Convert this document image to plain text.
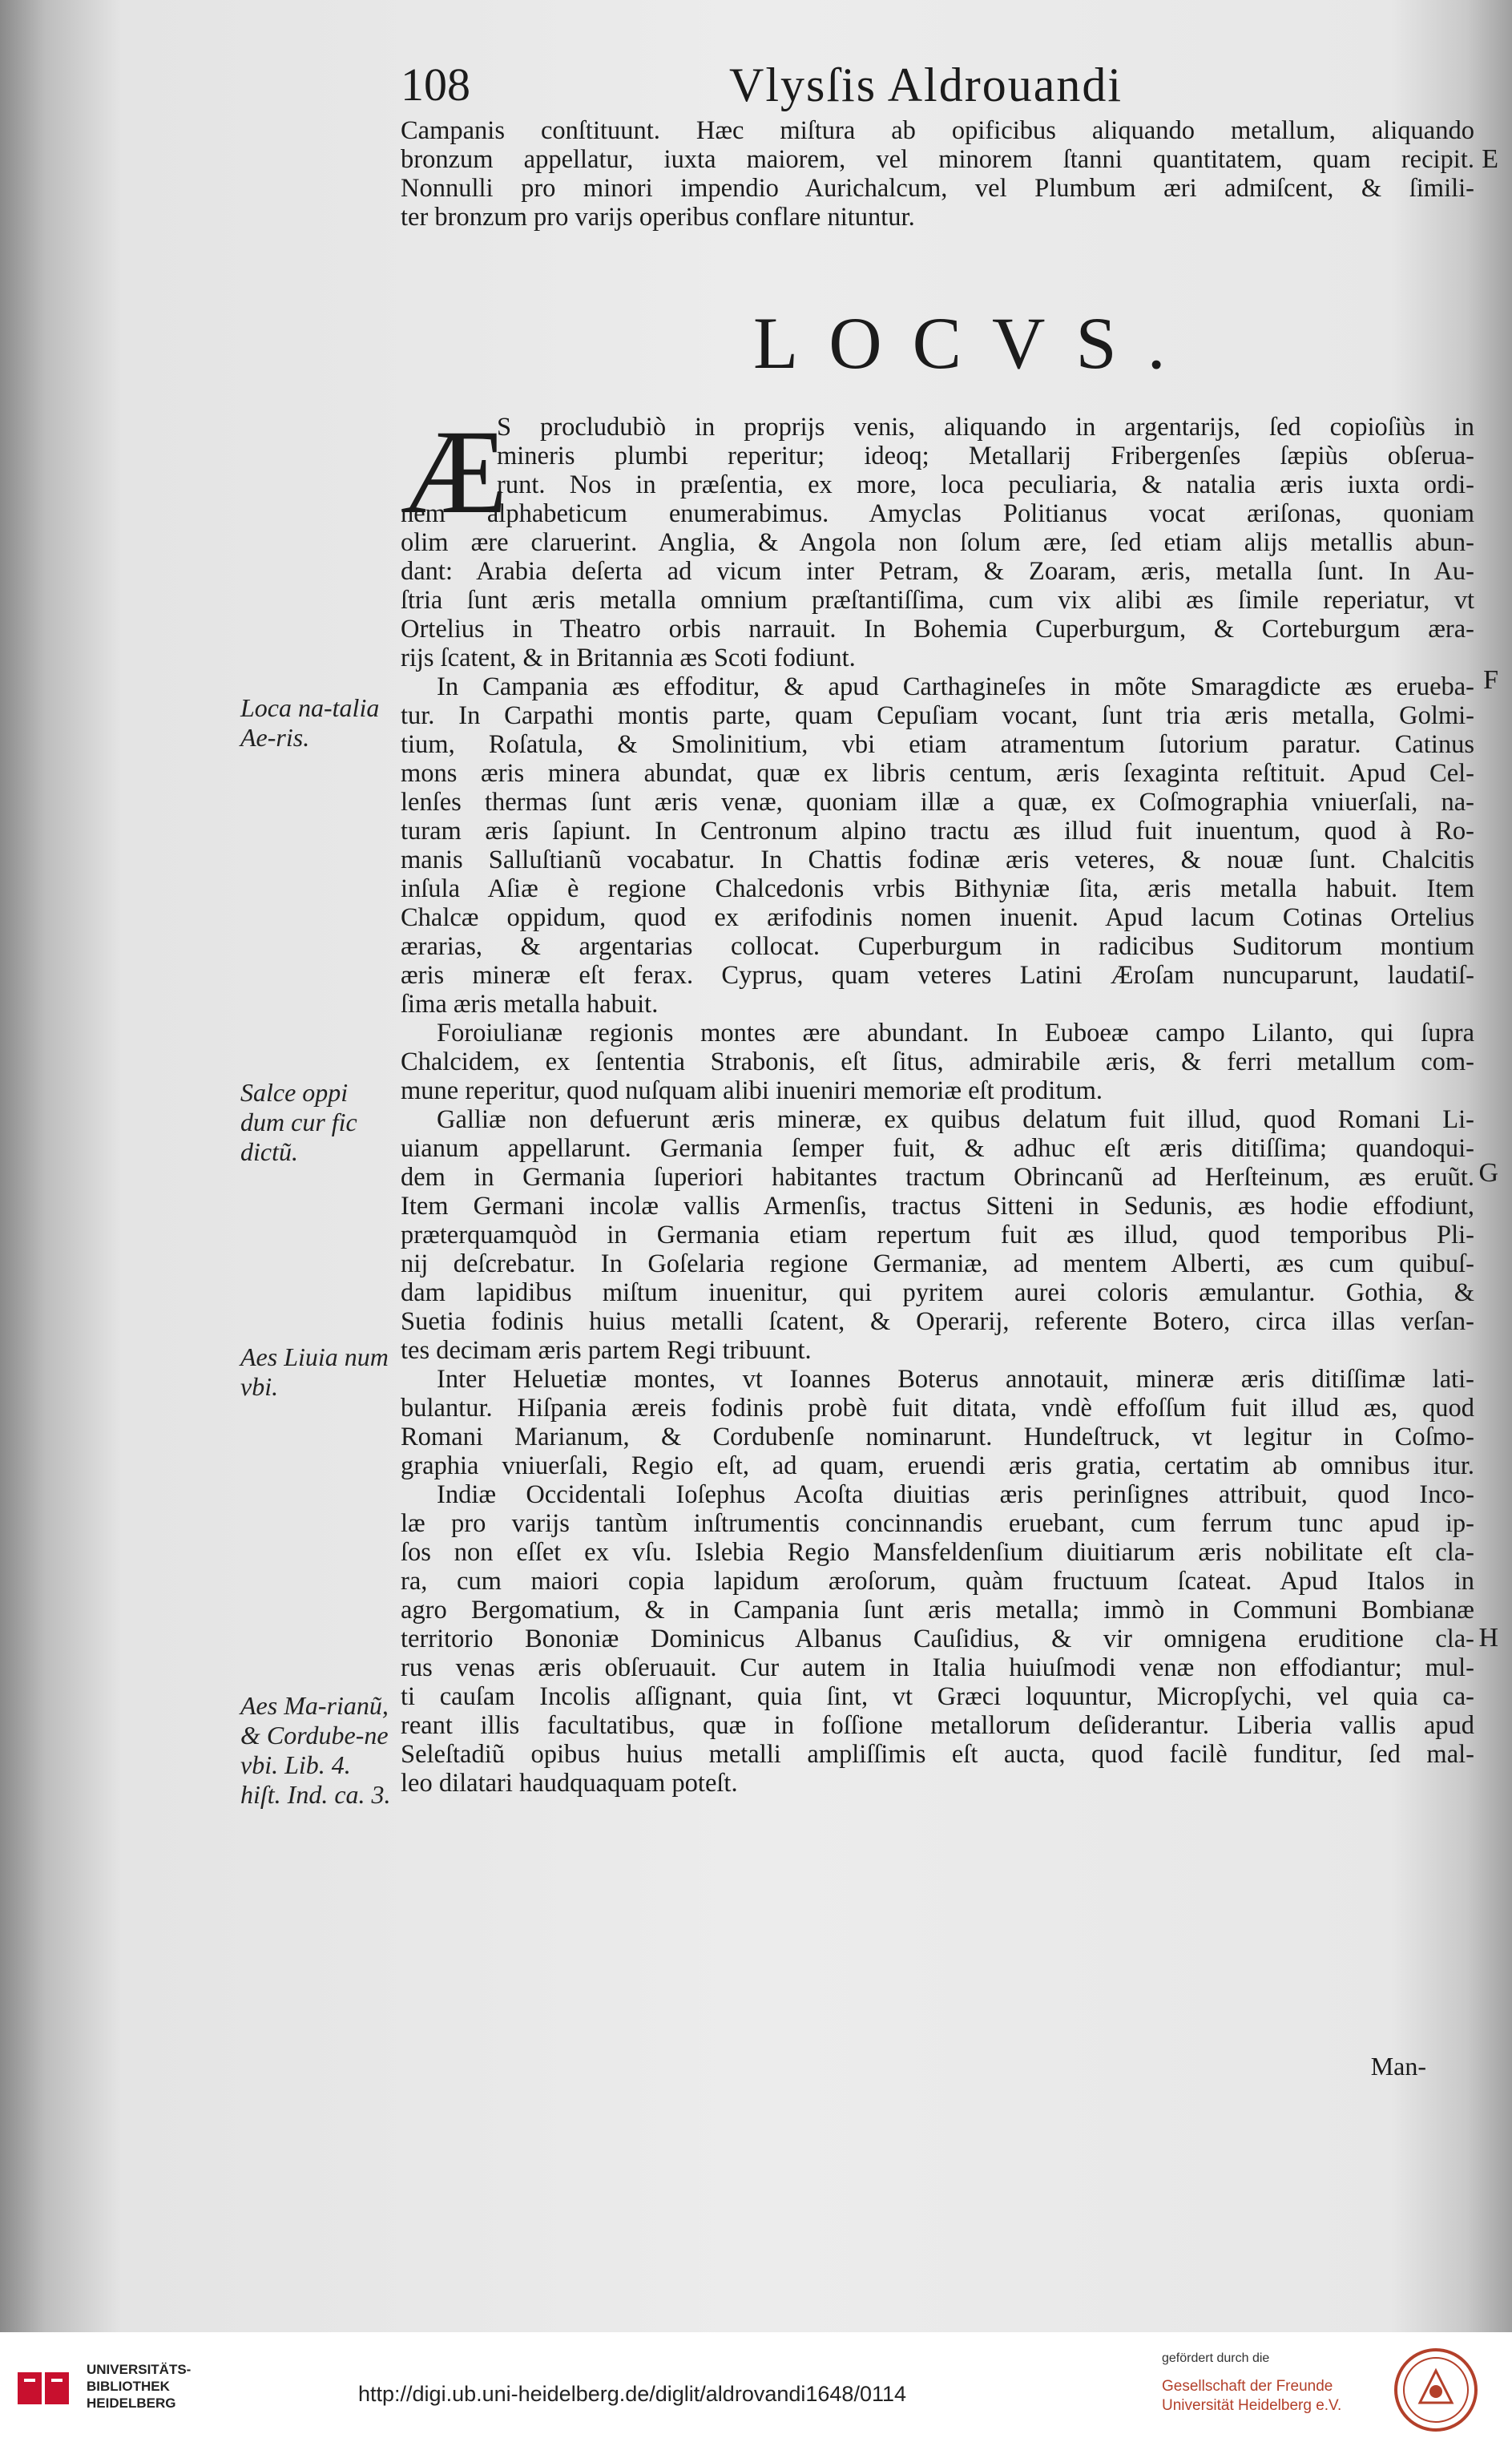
108	Vlysſis Aldrouandi
Campanis conſtituunt. Hæc miſtura ab opificibus aliquando metallum, aliquando
bronzum appellatur, iuxta maiorem, vel minorem ſtanni quantitatem, quam recipit.
Nonnulli pro minori impendio Aurichalcum, vel Plumbum æri admiſcent, & ſimili-
ter bronzum pro varijs operibus conflare nituntur.
LOCVS.
Æ
S procludubiò in proprijs venis, aliquando in argentarijs, ſed copioſiùs in
mineris plumbi reperitur; ideoq; Metallarij Fribergenſes ſæpiùs obſerua-
runt. Nos in præſentia, ex more, loca peculiaria, & natalia æris iuxta ordi-
nem alphabeticum enumerabimus. Amyclas Politianus vocat æriſonas, quoniam
olim ære claruerint. Anglia, & Angola non ſolum ære, ſed etiam alijs metallis abun-
dant: Arabia deſerta ad vicum inter Petram, & Zoaram, æris, metalla ſunt. In Au-
ſtria ſunt æris metalla omnium præſtantiſſima, cum vix alibi æs ſimile reperiatur, vt
Ortelius in Theatro orbis narrauit. In Bohemia Cuperburgum, & Corteburgum æra-
rijs ſcatent, & in Britannia æs Scoti fodiunt.
In Campania æs effoditur, & apud Carthagineſes in mõte Smaragdicte æs erueba-
tur. In Carpathi montis parte, quam Cepuſiam vocant, ſunt tria æris metalla, Golmi-
tium, Roſatula, & Smolinitium, vbi etiam atramentum ſutorium paratur. Catinus
mons æris minera abundat, quæ ex libris centum, æris ſexaginta reſtituit. Apud Cel-
lenſes thermas ſunt æris venæ, quoniam illæ a quæ, ex Coſmographia vniuerſali, na-
turam æris ſapiunt. In Centronum alpino tractu æs illud fuit inuentum, quod à Ro-
manis Salluſtianũ vocabatur. In Chattis fodinæ æris veteres, & nouæ ſunt. Chalcitis
inſula Aſiæ è regione Chalcedonis vrbis Bithyniæ ſita, æris metalla habuit. Item
Chalcæ oppidum, quod ex ærifodinis nomen inuenit. Apud lacum Cotinas Ortelius
ærarias, & argentarias collocat. Cuperburgum in radicibus Suditorum montium
æris mineræ eſt ferax. Cyprus, quam veteres Latini Æroſam nuncuparunt, laudatiſ-
ſima æris metalla habuit.
Foroiulianæ regionis montes ære abundant. In Euboeæ campo Lilanto, qui ſupra
Chalcidem, ex ſententia Strabonis, eſt ſitus, admirabile æris, & ferri metallum com-
mune reperitur, quod nuſquam alibi inueniri memoriæ eſt proditum.
Galliæ non defuerunt æris mineræ, ex quibus delatum fuit illud, quod Romani Li-
uianum appellarunt. Germania ſemper fuit, & adhuc eſt æris ditiſſima; quandoqui-
dem in Germania ſuperiori habitantes tractum Obrincanũ ad Herſteinum, æs eruũt.
Item Germani incolæ vallis Armenſis, tractus Sitteni in Sedunis, æs hodie effodiunt,
præterquamquòd in Germania etiam repertum fuit æs illud, quod temporibus Pli-
nij deſcrebatur. In Goſelaria regione Germaniæ, ad mentem Alberti, æs cum quibuſ-
dam lapidibus miſtum inuenitur, qui pyritem aurei coloris æmulantur. Gothia, &
Suetia fodinis huius metalli ſcatent, & Operarij, referente Botero, circa illas verſan-
tes decimam æris partem Regi tribuunt.
Inter Heluetiæ montes, vt Ioannes Boterus annotauit, mineræ æris ditiſſimæ lati-
bulantur. Hiſpania æreis fodinis probè fuit ditata, vndè effoſſum fuit illud æs, quod
Romani Marianum, & Cordubenſe nominarunt. Hundeſtruck, vt legitur in Coſmo-
graphia vniuerſali, Regio eſt, ad quam, eruendi æris gratia, certatim ab omnibus itur.
Indiæ Occidentali Ioſephus Acoſta diuitias æris perinſignes attribuit, quod Inco-
læ pro varijs tantùm inſtrumentis concinnandis eruebant, cum ferrum tunc apud ip-
ſos non eſſet ex vſu. Islebia Regio Mansfeldenſium diuitiarum æris nobilitate eſt cla-
ra, cum maiori copia lapidum æroſorum, quàm fructuum ſcateat. Apud Italos in
agro Bergomatium, & in Campania ſunt æris metalla; immò in Communi Bombianæ
territorio Bononiæ Dominicus Albanus Cauſidius, & vir omnigena eruditione cla-
rus venas æris obſeruauit. Cur autem in Italia huiuſmodi venæ non effodiantur; mul-
ti cauſam Incolis aſſignant, quia ſint, vt Græci loquuntur, Micropſychi, vel quia ca-
reant illis facultatibus, quæ in foſſione metallorum deſiderantur. Liberia vallis apud
Seleſtadiũ opibus huius metalli ampliſſimis eſt aucta, quod facilè funditur, ſed mal-
leo dilatari haudquaquam poteſt.
Loca na-talia Ae-ris.
Salce oppi dum cur fic dictũ.
Aes Liuia num vbi.
Aes Ma-rianũ, & Cordube-ne vbi. Lib. 4. hiſt. Ind. ca. 3.
E
F
G
H
Man-
UNIVERSITÄTS-
BIBLIOTHEK
HEIDELBERG	http://digi.ub.uni-heidelberg.de/diglit/aldrovandi1648/0114
gefördert durch die
Gesellschaft der Freunde
Universität Heidelberg e.V.
